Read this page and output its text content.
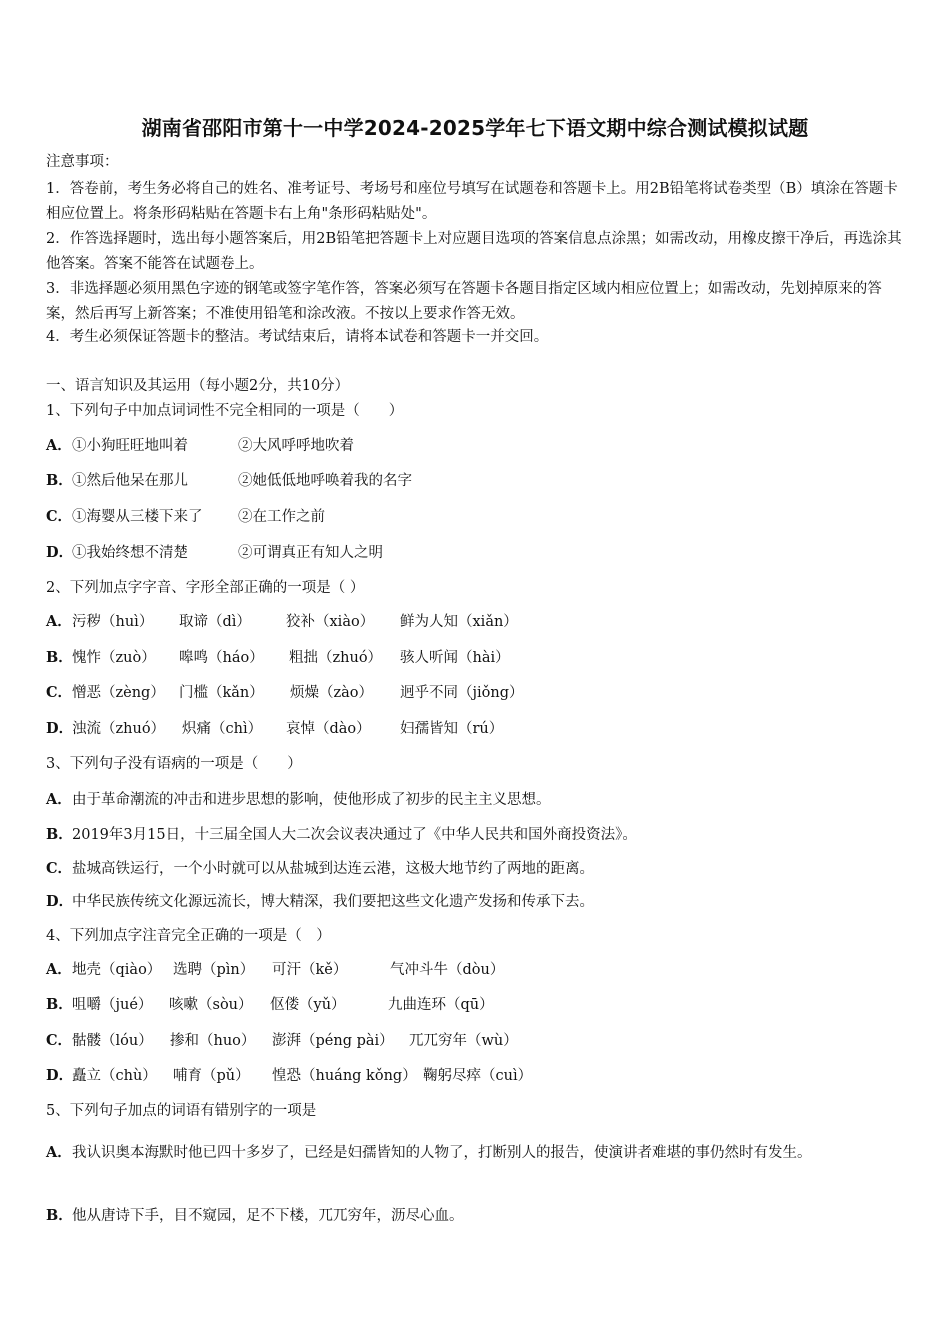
湖南省邵阳市第十一中学2024-2025学年七下语文期中综合测试模拟试题
注意事项：
1．答卷前，考生务必将自己的姓名、准考证号、考场号和座位号填写在试题卷和答题卡上。用2B铅笔将试卷类型（B）填涂在答题卡相应位置上。将条形码粘贴在答题卡右上角"条形码粘贴处"。
2．作答选择题时，选出每小题答案后，用2B铅笔把答题卡上对应题目选项的答案信息点涂黑；如需改动，用橡皮擦干净后，再选涂其他答案。答案不能答在试题卷上。
3．非选择题必须用黑色字迹的钢笔或签字笔作答，答案必须写在答题卡各题目指定区域内相应位置上；如需改动，先划掉原来的答案，然后再写上新答案；不准使用铅笔和涂改液。不按以上要求作答无效。
4．考生必须保证答题卡的整洁。考试结束后，请将本试卷和答题卡一并交回。
一、语言知识及其运用（每小题2分，共10分）
1、下列句子中加点词词性不完全相同的一项是（　　）
A．①小狗旺旺地叫着	②大风呼呼地吹着
B．①然后他呆在那儿	②她低低地呼唤着我的名字
C．①海婴从三楼下来了 ②在工作之前
D．①我始终想不清楚	②可谓真正有知人之明
2、下列加点字字音、字形全部正确的一项是（ ）
A．污秽（huì） 取谛（dì） 狡补（xiào） 鲜为人知（xiǎn）
B．愧怍（zuò） 嗥鸣（háo） 粗拙（zhuó） 骇人听闻（hài）
C．憎恶（zèng） 门槛（kǎn） 烦燥（zào） 迥乎不同（jiǒng）
D．浊流（zhuó） 炽痛（chì） 哀悼（dào） 妇孺皆知（rú）
3、下列句子没有语病的一项是（　　）
A．由于革命潮流的冲击和进步思想的影响，使他形成了初步的民主主义思想。
B．2019年3月15日，十三届全国人大二次会议表决通过了《中华人民共和国外商投资法》。
C．盐城高铁运行，一个小时就可以从盐城到达连云港，这极大地节约了两地的距离。
D．中华民族传统文化源远流长，博大精深，我们要把这些文化遗产发扬和传承下去。
4、下列加点字注音完全正确的一项是（　）
A．地壳（qiào） 选聘（pìn） 可汗（kě）	气冲斗牛（dòu）
B．咀嚼（jué） 咳嗽（sòu） 伛偻（yǔ）	九曲连环（qū）
C．骷髅（lóu） 掺和（huo） 澎湃（péng pài） 兀兀穷年（wù）
D．矗立（chù） 哺育（pǔ） 惶恐（huáng kǒng） 鞠躬尽瘁（cuì）
5、下列句子加点的词语有错别字的一项是
A．我认识奥本海默时他已四十多岁了，已经是妇孺皆知的人物了，打断别人的报告，使演讲者难堪的事仍然时有发生。
B．他从唐诗下手，目不窥园，足不下楼，兀兀穷年，沥尽心血。
